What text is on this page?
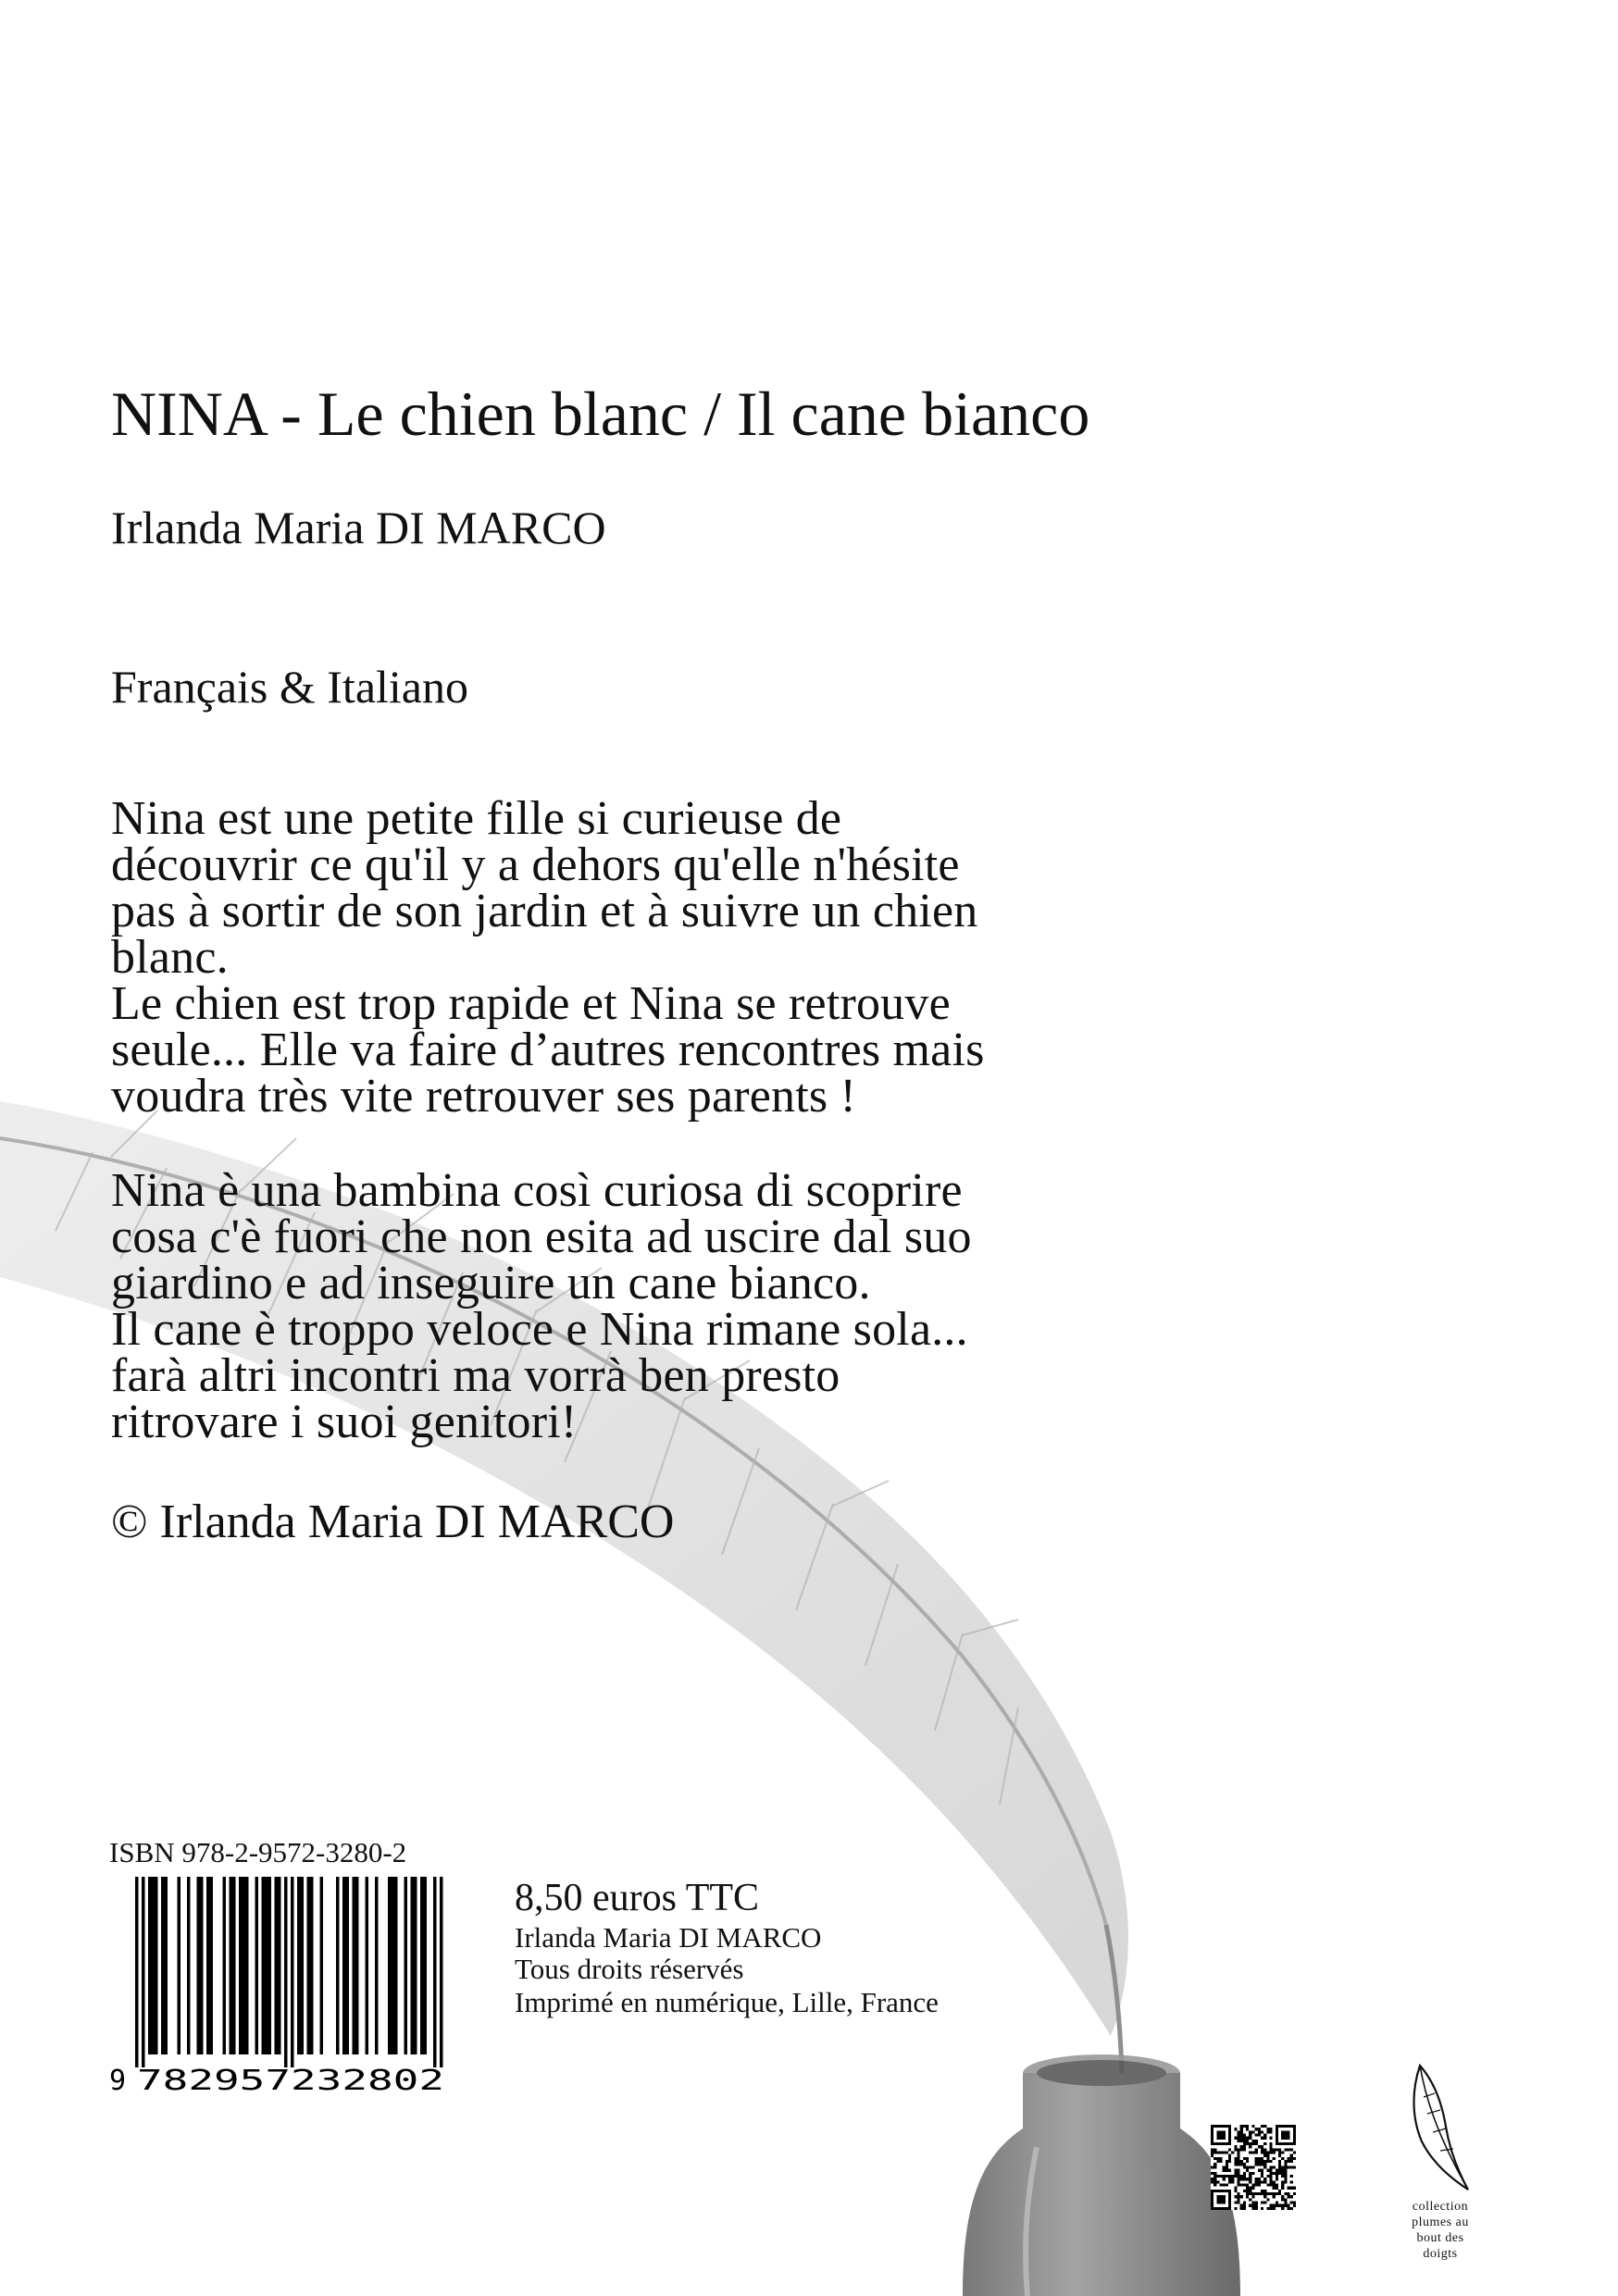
NINA - Le chien blanc / Il cane bianco
Irlanda Maria DI MARCO
Français & Italiano
Nina est une petite fille si curieuse de
découvrir ce qu'il y a dehors qu'elle n'hésite
pas à sortir de son jardin et à suivre un chien
blanc.
Le chien est trop rapide et Nina se retrouve
seule... Elle va faire d’autres rencontres mais
voudra très vite retrouver ses parents !
Nina è una bambina così curiosa di scoprire
cosa c'è fuori che non esita ad uscire dal suo
giardino e ad inseguire un cane bianco.
Il cane è troppo veloce e Nina rimane sola...
farà altri incontri ma vorrà ben presto
ritrovare i suoi genitori!
© Irlanda Maria DI MARCO
ISBN 978-2-9572-3280-2
9 782957232802
8,50 euros TTC
Irlanda Maria DI MARCO
Tous droits réservés
Imprimé en numérique, Lille, France
collection
plumes au
bout des
doigts
